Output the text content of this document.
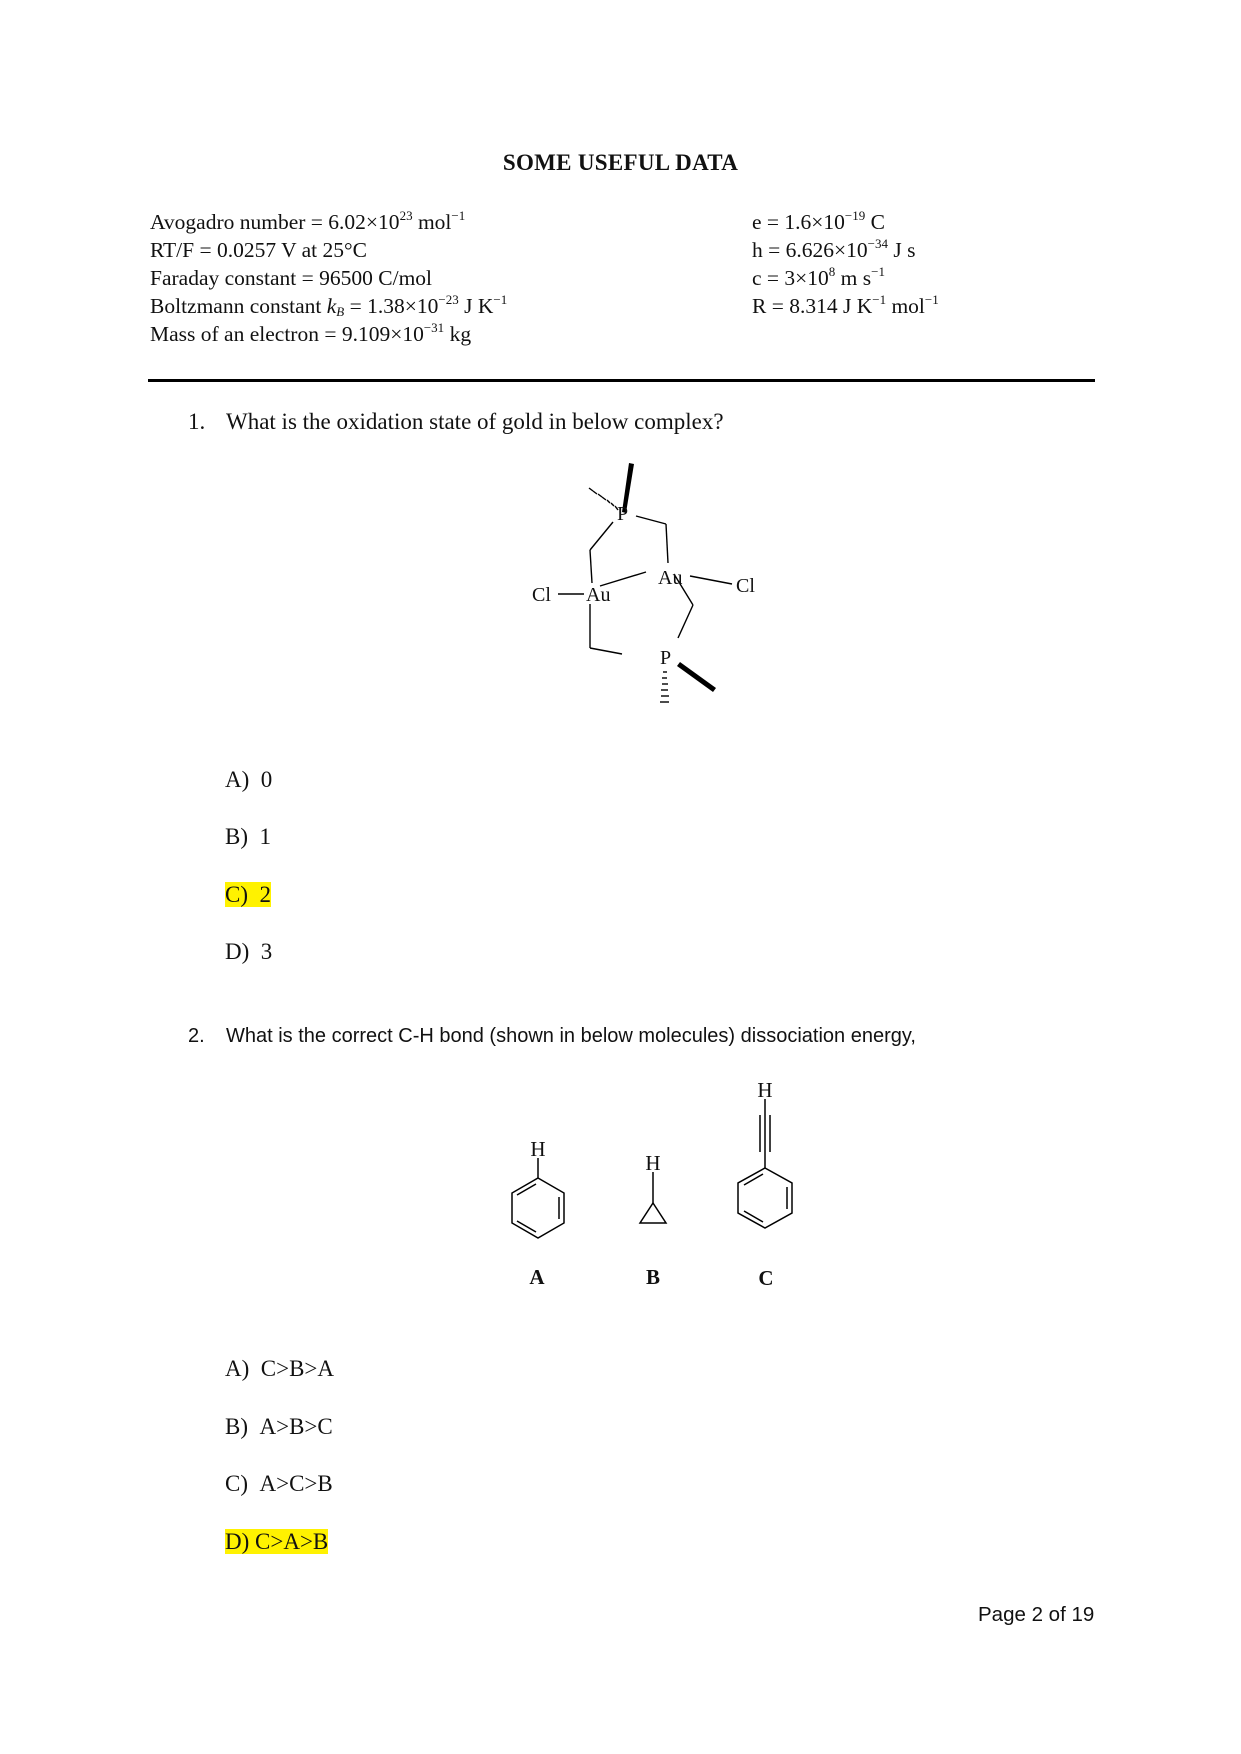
SOME USEFUL DATA
Avogadro number = $6.02\times 10^{23}$ mol$^{-1}$
RT/F = 0.0257 V at 25°C
Faraday constant = 96500 C/mol
Boltzmann constant $k_B = 1.38\times 10^{-23}$ J $K^{-1}$
Mass of an electron = $9.109\times 10^{-31}$ kg
$e = 1.6\times 10^{-19}$ C
$h = 6.626\times 10^{-34}$ J s
$c = 3\times 10^8$ m $s^{-1}$
R = 8.314 J $K^{-1}$ mol$^{-1}$
1. What is the oxidation state of gold in below complex?
P
P
Au
Au
Cl	Cl
A) 0
B) 1
C) 2
D) 3
2. What is the correct C-H bond (shown in below molecules) dissociation energy,
H
H
H
A	B	C
A) C>B>A
B) A>B>C
C) A>C>B
D) C>A>B
Page 2 of 19
